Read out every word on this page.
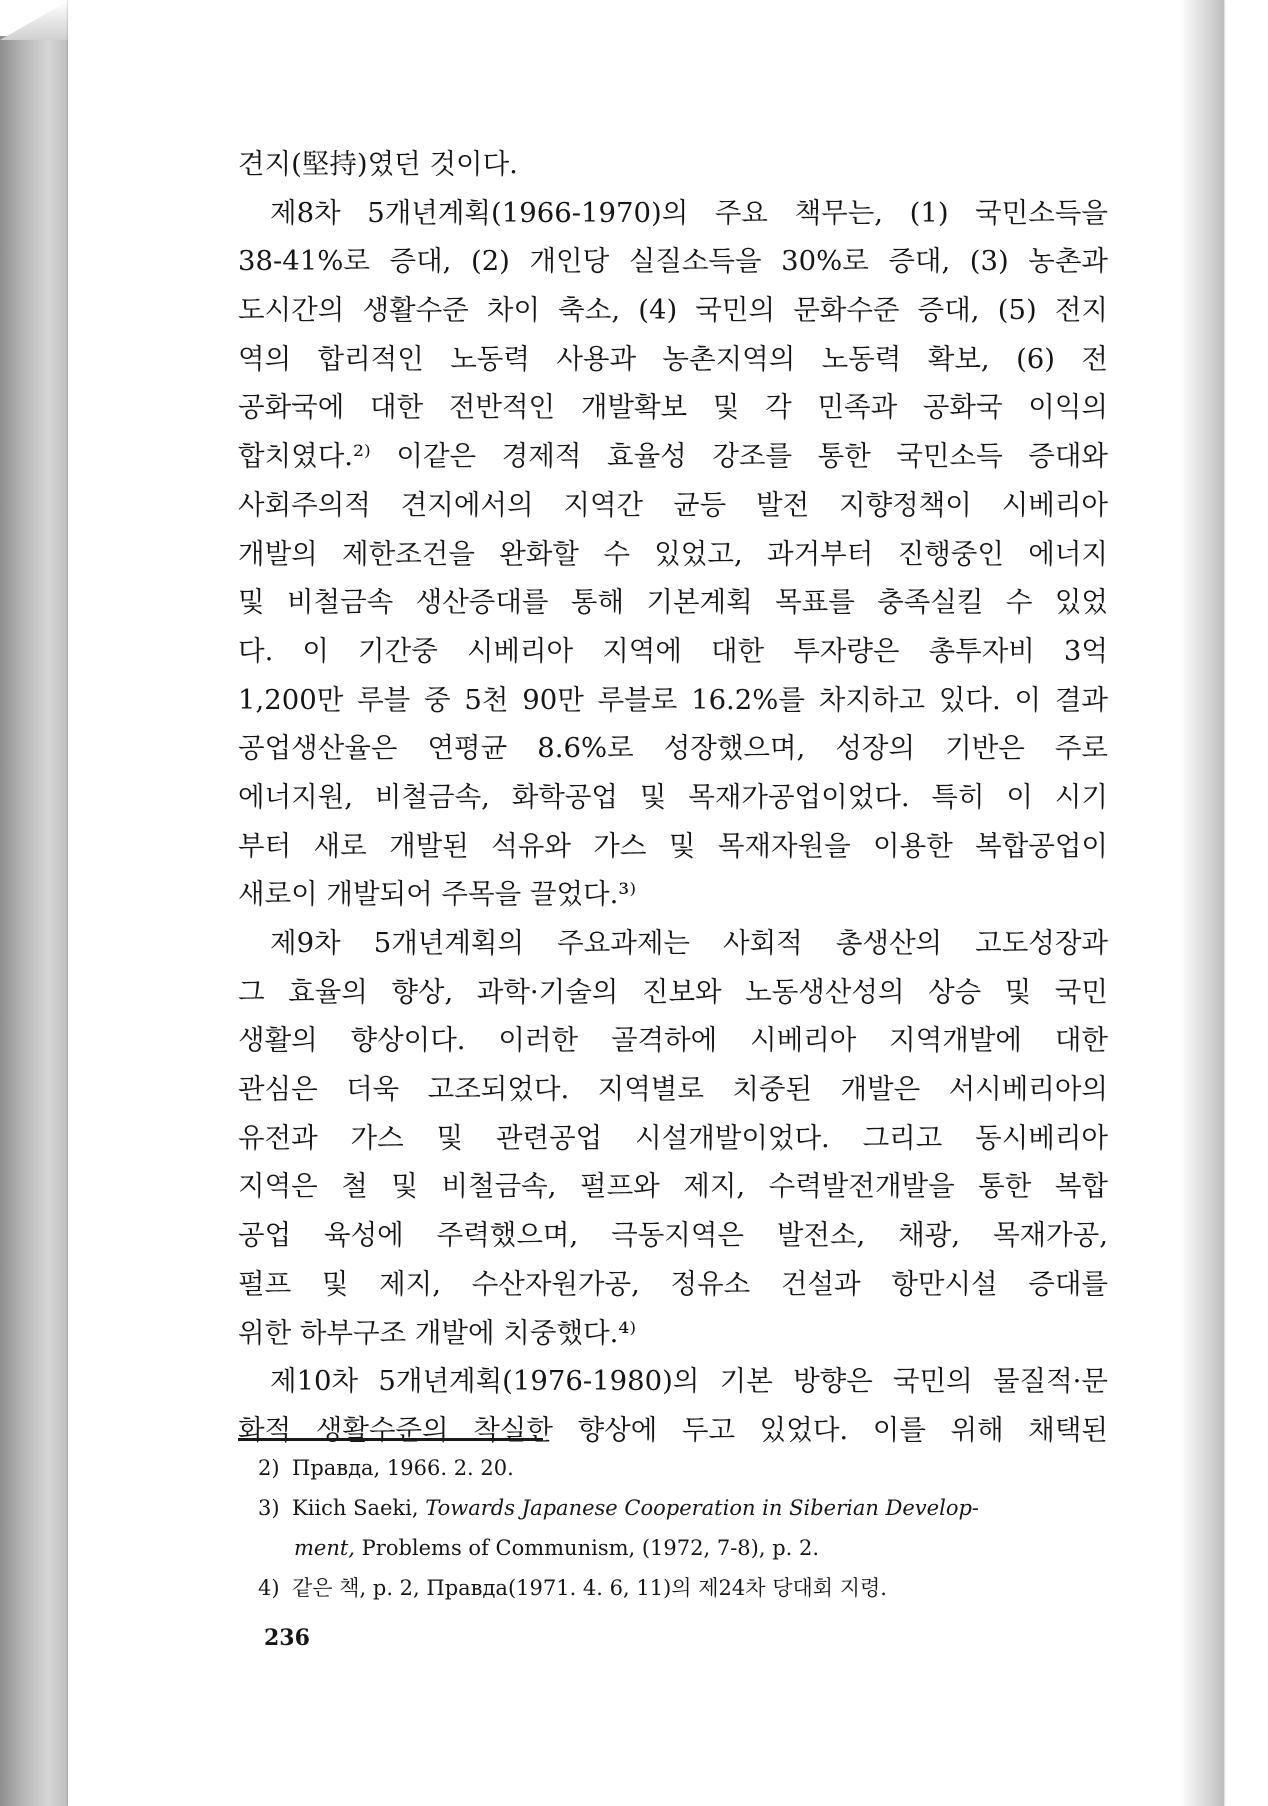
견지(堅持)였던 것이다.
제8차 5개년계획(1966-1970)의 주요 책무는, (1) 국민소득을
38-41%로 증대, (2) 개인당 실질소득을 30%로 증대, (3) 농촌과
도시간의 생활수준 차이 축소, (4) 국민의 문화수준 증대, (5) 전지
역의 합리적인 노동력 사용과 농촌지역의 노동력 확보, (6) 전
공화국에 대한 전반적인 개발확보 및 각 민족과 공화국 이익의
합치였다.²⁾ 이같은 경제적 효율성 강조를 통한 국민소득 증대와
사회주의적 견지에서의 지역간 균등 발전 지향정책이 시베리아
개발의 제한조건을 완화할 수 있었고, 과거부터 진행중인 에너지
및 비철금속 생산증대를 통해 기본계획 목표를 충족실킬 수 있었
다. 이 기간중 시베리아 지역에 대한 투자량은 총투자비 3억
1,200만 루블 중 5천 90만 루블로 16.2%를 차지하고 있다. 이 결과
공업생산율은 연평균 8.6%로 성장했으며, 성장의 기반은 주로
에너지원, 비철금속, 화학공업 및 목재가공업이었다. 특히 이 시기
부터 새로 개발된 석유와 가스 및 목재자원을 이용한 복합공업이
새로이 개발되어 주목을 끌었다.³⁾
제9차 5개년계획의 주요과제는 사회적 총생산의 고도성장과
그 효율의 향상, 과학·기술의 진보와 노동생산성의 상승 및 국민
생활의 향상이다. 이러한 골격하에 시베리아 지역개발에 대한
관심은 더욱 고조되었다. 지역별로 치중된 개발은 서시베리아의
유전과 가스 및 관련공업 시설개발이었다. 그리고 동시베리아
지역은 철 및 비철금속, 펄프와 제지, 수력발전개발을 통한 복합
공업 육성에 주력했으며, 극동지역은 발전소, 채광, 목재가공,
펄프 및 제지, 수산자원가공, 정유소 건설과 항만시설 증대를
위한 하부구조 개발에 치중했다.⁴⁾
제10차 5개년계획(1976-1980)의 기본 방향은 국민의 물질적·문
화적 생활수준의 착실한 향상에 두고 있었다. 이를 위해 채택된
2) Правда, 1966. 2. 20.
3) Kiich Saeki, Towards Japanese Cooperation in Siberian Develop-
ment, Problems of Communism, (1972, 7-8), p. 2.
4) 같은 책, p. 2, Правда(1971. 4. 6, 11)의 제24차 당대회 지령.
236
